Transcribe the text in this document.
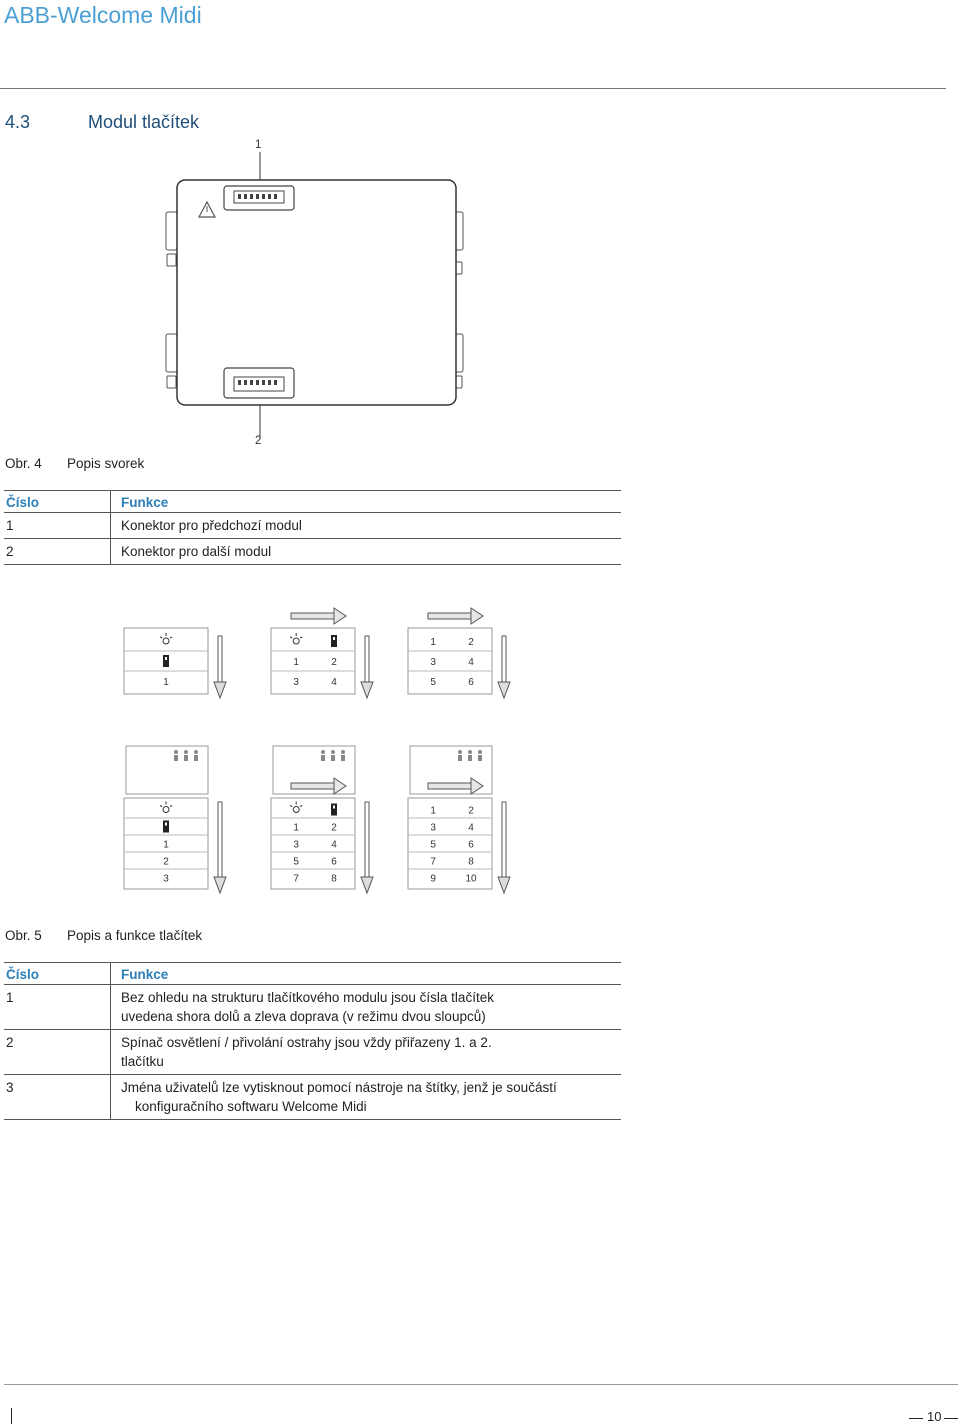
ABB-Welcome Midi
4.3	Modul tlačítek
1
2
Obr. 4 Popis svorek
Číslo	Funkce
1	Konektor pro předchozí modul
2	Konektor pro další modul
1
1	2
3	4
1	2
3	4
5	6
1
2
3
1	2
3	4
5	6
7	8
1	2
3	4
5	6
7	8
9	10
Obr. 5 Popis a funkce tlačítek
Číslo	Funkce
1	Bez ohledu na strukturu tlačítkového modulu jsou čísla tlačítek
uvedena shora dolů a zleva doprava (v režimu dvou sloupců)
2	Spínač osvětlení / přivolání ostrahy jsou vždy přiřazeny 1. a 2.
tlačítku
3	Jména uživatelů lze vytisknout pomocí nástroje na štítky, jenž je součástí
konfiguračního softwaru Welcome Midi
10
